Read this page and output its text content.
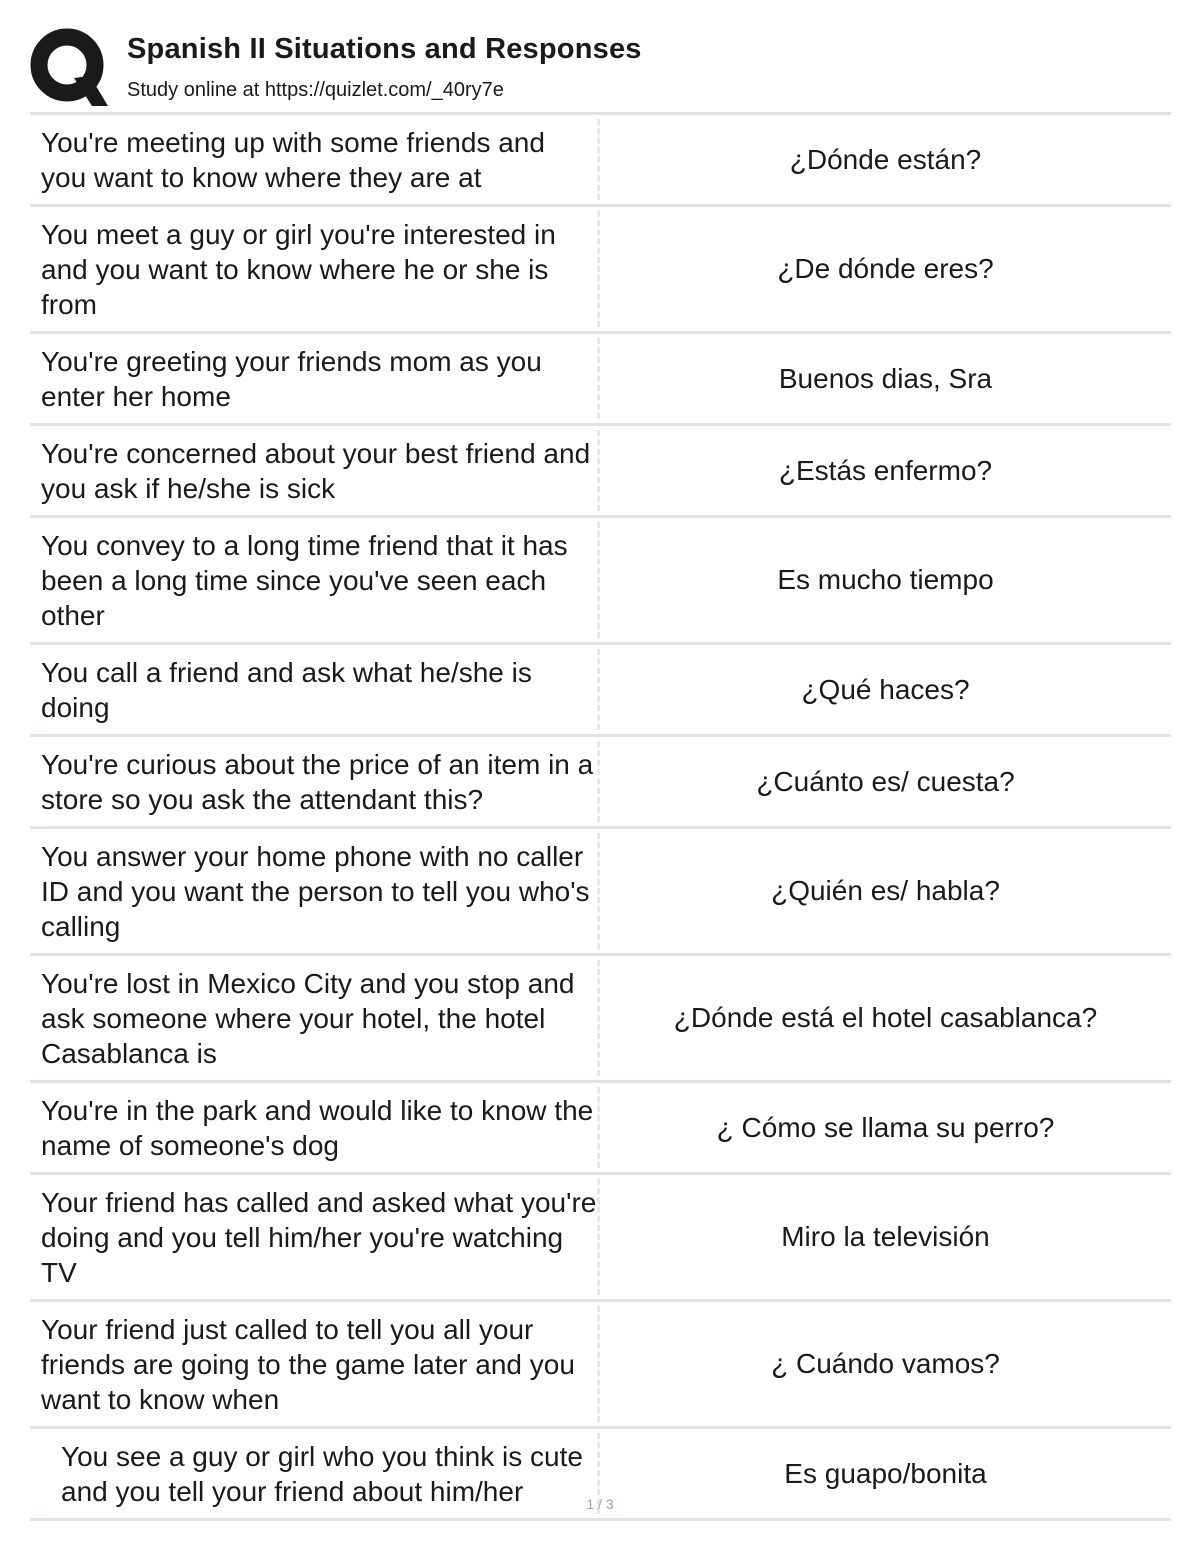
Spanish II Situations and Responses
Study online at https://quizlet.com/_40ry7e
You're meeting up with some friends and you want to know where they are at
¿Dónde están?
You meet a guy or girl you're interested in and you want to know where he or she is from
¿De dónde eres?
You're greeting your friends mom as you enter her home
Buenos dias, Sra
You're concerned about your best friend and you ask if he/she is sick
¿Estás enfermo?
You convey to a long time friend that it has been a long time since you've seen each other
Es mucho tiempo
You call a friend and ask what he/she is doing
¿Qué haces?
You're curious about the price of an item in a store so you ask the attendant this?
¿Cuánto es/ cuesta?
You answer your home phone with no caller ID and you want the person to tell you who's calling
¿Quién es/ habla?
You're lost in Mexico City and you stop and ask someone where your hotel, the hotel Casablanca is
¿Dónde está el hotel casablanca?
You're in the park and would like to know the name of someone's dog
¿ Cómo se llama su perro?
Your friend has called and asked what you're doing and you tell him/her you're watching TV
Miro la televisión
Your friend just called to tell you all your friends are going to the game later and you want to know when
¿ Cuándo vamos?
You see a guy or girl who you think is cute and you tell your friend about him/her
Es guapo/bonita
1 / 3
